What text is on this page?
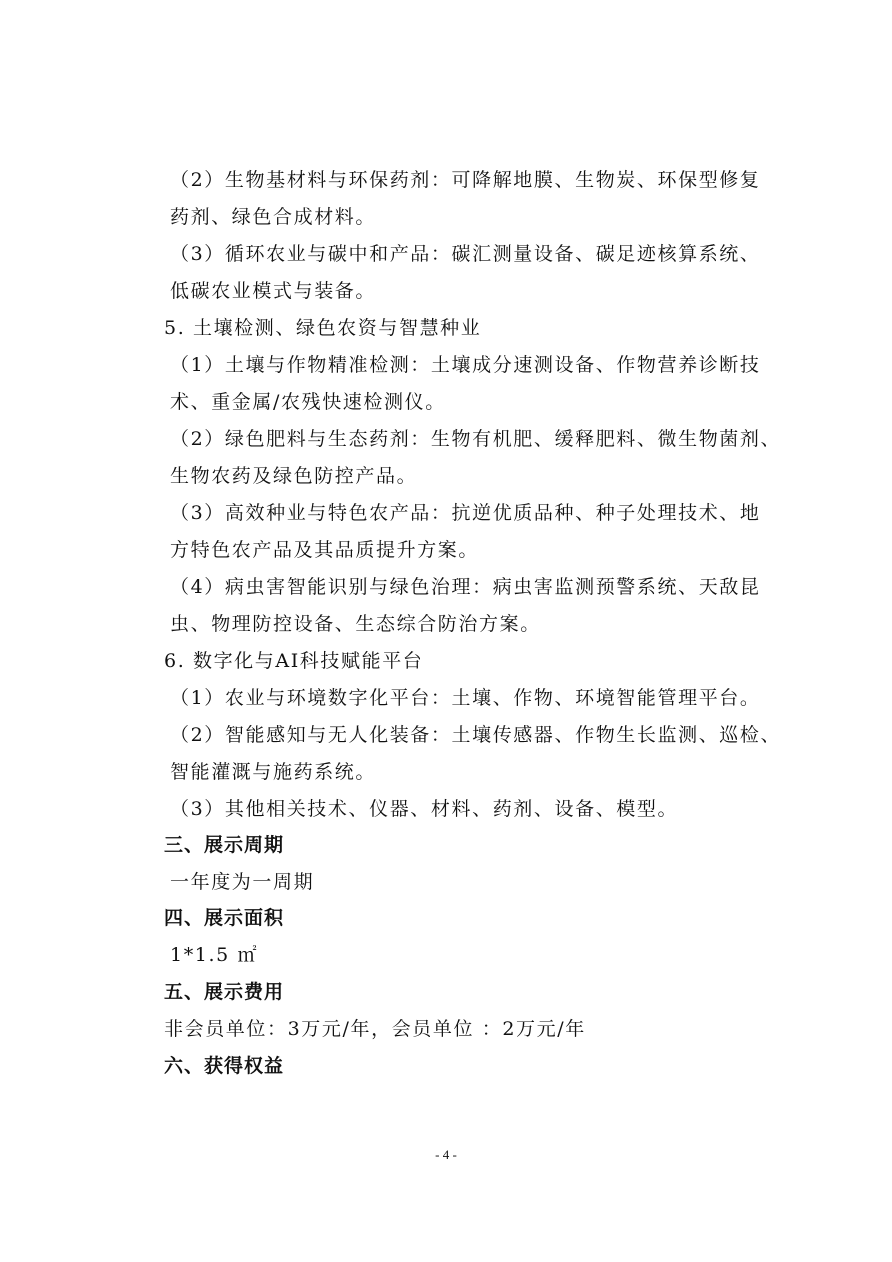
（2）生物基材料与环保药剂：可降解地膜、生物炭、环保型修复
药剂、绿色合成材料。
（3）循环农业与碳中和产品：碳汇测量设备、碳足迹核算系统、
低碳农业模式与装备。
5. 土壤检测、绿色农资与智慧种业
（1）土壤与作物精准检测：土壤成分速测设备、作物营养诊断技
术、重金属/农残快速检测仪。
（2）绿色肥料与生态药剂：生物有机肥、缓释肥料、微生物菌剂、
生物农药及绿色防控产品。
（3）高效种业与特色农产品：抗逆优质品种、种子处理技术、地
方特色农产品及其品质提升方案。
（4）病虫害智能识别与绿色治理：病虫害监测预警系统、天敌昆
虫、物理防控设备、生态综合防治方案。
6. 数字化与AI科技赋能平台
（1）农业与环境数字化平台：土壤、作物、环境智能管理平台。
（2）智能感知与无人化装备：土壤传感器、作物生长监测、巡检、
智能灌溉与施药系统。
（3）其他相关技术、仪器、材料、药剂、设备、模型。
三、展示周期
一年度为一周期
四、展示面积
1*1.5 ㎡
五、展示费用
非会员单位：3万元/年，会员单位 ：2万元/年
六、获得权益
- 4 -
